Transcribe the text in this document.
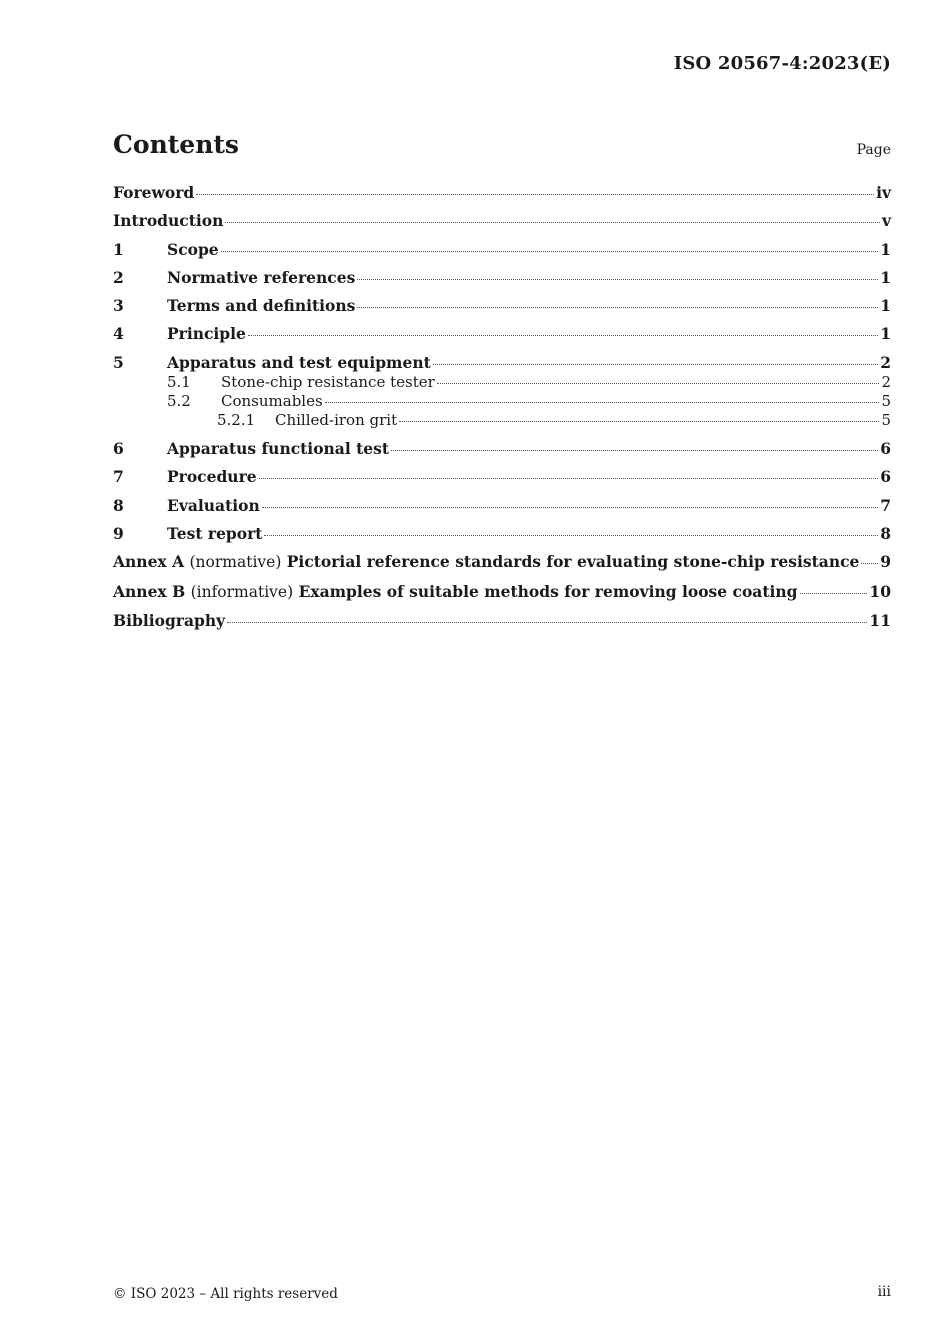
ISO 20567-4:2023(E)
Contents	Page
Foreword	iv
Introduction	v
1	Scope	1
2	Normative references	1
3	Terms and definitions	1
4	Principle	1
5	Apparatus and test equipment	2
5.1	Stone-chip resistance tester	2
5.2	Consumables	5
5.2.1	Chilled-iron grit	5
6	Apparatus functional test	6
7	Procedure	6
8	Evaluation	7
9	Test report	8
Annex A (normative) Pictorial reference standards for evaluating stone-chip resistance 9
Annex B (informative) Examples of suitable methods for removing loose coating	10
Bibliography	11
© ISO 2023 – All rights reserved	iii
